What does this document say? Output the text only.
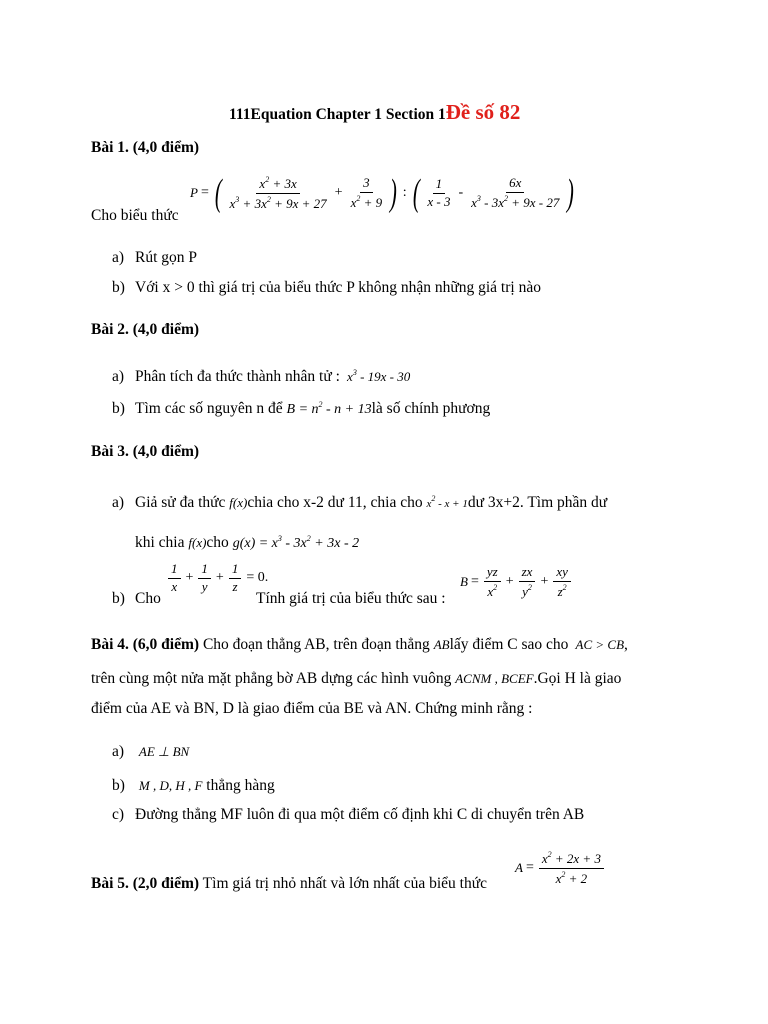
111Equation Chapter 1 Section 1Đề số 82
Bài 1. (4,0 điểm)
Cho biểu thức
P = ( $\frac{x^2 + 3x}{x^3 + 3x^2 + 9x + 27} + \frac{3}{x^2 + 9}$ ) : ( $\frac{1}{x - 3} - \frac{6x}{x^3 - 3x^2 + 9x - 27}$ )
a) Rút gọn P
b) Với x > 0 thì giá trị của biểu thức P không nhận những giá trị nào
Bài 2. (4,0 điểm)
a) Phân tích đa thức thành nhân tử :  $x^3 - 19x - 30$
b) Tìm các số nguyên n để $B = n^2 - n$ + 13là số chính phương
Bài 3. (4,0 điểm)
a) Giả sử đa thức f(x)chia cho x-2 dư 11, chia cho $x^2$ - x + 1dư 3x+2. Tìm phần dư
khi chia f(x)cho $g(x) = x^3 - 3x^2 + 3x - 2$
b) Cho
$\frac{1}{x} + \frac{1}{y} + \frac{1}{z} = 0$.
Tính giá trị của biểu thức sau :
$B = \frac{yz}{x^2} + \frac{zx}{y^2} + \frac{xy}{z^2}$
Bài 4. (6,0 điểm) Cho đoạn thẳng AB, trên đoạn thẳng ABlấy điểm C sao cho  AC > CB,
trên cùng một nửa mặt phẳng bờ AB dựng các hình vuông ACNM , BCEF.Gọi H là giao
điểm của AE và BN, D là giao điểm của BE và AN. Chứng minh rằng :
a) AE ⊥ BN
b) M , D, H , F thẳng hàng
c) Đường thẳng MF luôn đi qua một điểm cố định khi C di chuyển trên AB
Bài 5. (2,0 điểm) Tìm giá trị nhỏ nhất và lớn nhất của biểu thức
$A = \frac{x^2 + 2x + 3}{x^2 + 2}$
